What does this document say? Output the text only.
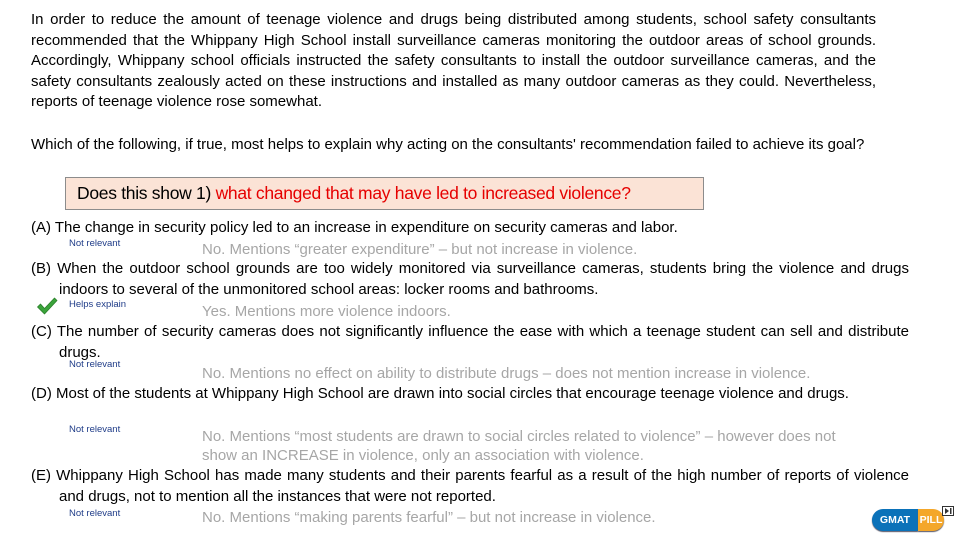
In order to reduce the amount of teenage violence and drugs being distributed among students, school safety consultants recommended that the Whippany High School install surveillance cameras monitoring the outdoor areas of school grounds. Accordingly, Whippany school officials instructed the safety consultants to install the outdoor surveillance cameras, and the safety consultants zealously acted on these instructions and installed as many outdoor cameras as they could. Nevertheless, reports of teenage violence rose somewhat.
Which of the following, if true, most helps to explain why acting on the consultants' recommendation failed to achieve its goal?
Does this show 1) what changed that may have led to increased violence?
(A) The change in security policy led to an increase in expenditure on security cameras and labor.
Not relevant	No. Mentions “greater expenditure” – but not increase in violence.
(B) When the outdoor school grounds are too widely monitored via surveillance cameras, students bring the violence and drugs indoors to several of the unmonitored school areas: locker rooms and bathrooms.
Helps explain	Yes. Mentions more violence indoors.
(C) The number of security cameras does not significantly influence the ease with which a teenage student can sell and distribute drugs.
Not relevant
No. Mentions no effect on ability to distribute drugs – does not mention increase in violence.
(D) Most of the students at Whippany High School are drawn into social circles that encourage teenage violence and drugs.
Not relevant	No. Mentions “most students are drawn to social circles related to violence” – however does not
show an INCREASE in violence, only an association with violence.
(E) Whippany High School has made many students and their parents fearful as a result of the high number of reports of violence and drugs, not to mention all the instances that were not reported.
Not relevant	No. Mentions “making parents fearful” – but not increase in violence.	GMAT PILL
